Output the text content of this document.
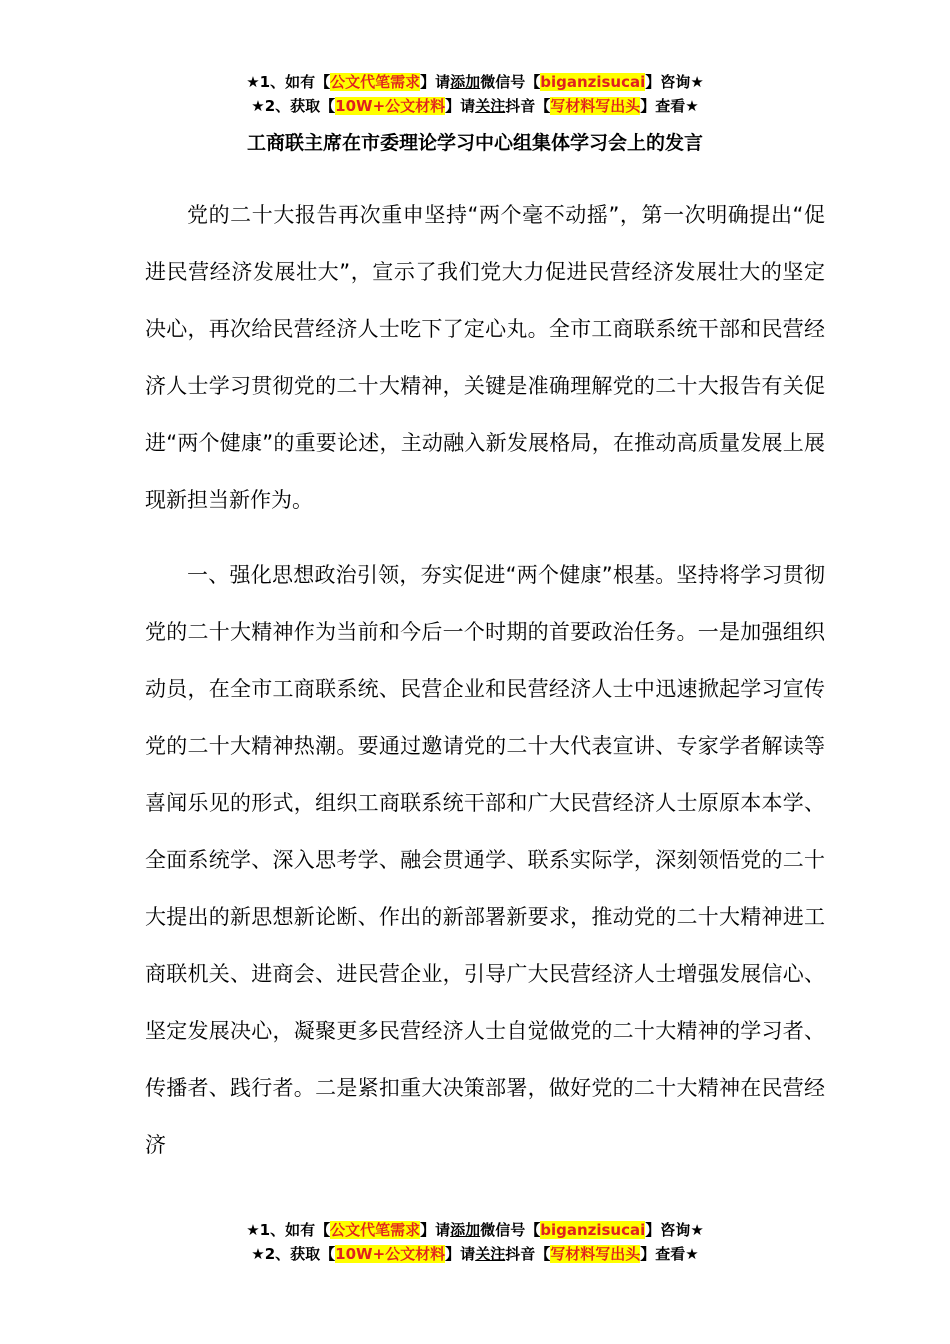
★1、如有【公文代笔需求】请添加微信号【biganzisucai】咨询★
★2、获取【10W+公文材料】请关注抖音【写材料写出头】查看★
工商联主席在市委理论学习中心组集体学习会上的发言

党的二十大报告再次重申坚持“两个毫不动摇”，第一次明确提出“促进民营经济发展壮大”，宣示了我们党大力促进民营经济发展壮大的坚定决心，再次给民营经济人士吃下了定心丸。全市工商联系统干部和民营经济人士学习贯彻党的二十大精神，关键是准确理解党的二十大报告有关促进“两个健康”的重要论述，主动融入新发展格局，在推动高质量发展上展现新担当新作为。

一、强化思想政治引领，夯实促进“两个健康”根基。坚持将学习贯彻党的二十大精神作为当前和今后一个时期的首要政治任务。一是加强组织动员，在全市工商联系统、民营企业和民营经济人士中迅速掀起学习宣传党的二十大精神热潮。要通过邀请党的二十大代表宣讲、专家学者解读等喜闻乐见的形式，组织工商联系统干部和广大民营经济人士原原本本学、全面系统学、深入思考学、融会贯通学、联系实际学，深刻领悟党的二十大提出的新思想新论断、作出的新部署新要求，推动党的二十大精神进工商联机关、进商会、进民营企业，引导广大民营经济人士增强发展信心、坚定发展决心，凝聚更多民营经济人士自觉做党的二十大精神的学习者、传播者、践行者。二是紧扣重大决策部署，做好党的二十大精神在民营经济

★1、如有【公文代笔需求】请添加微信号【biganzisucai】咨询★
★2、获取【10W+公文材料】请关注抖音【写材料写出头】查看★
